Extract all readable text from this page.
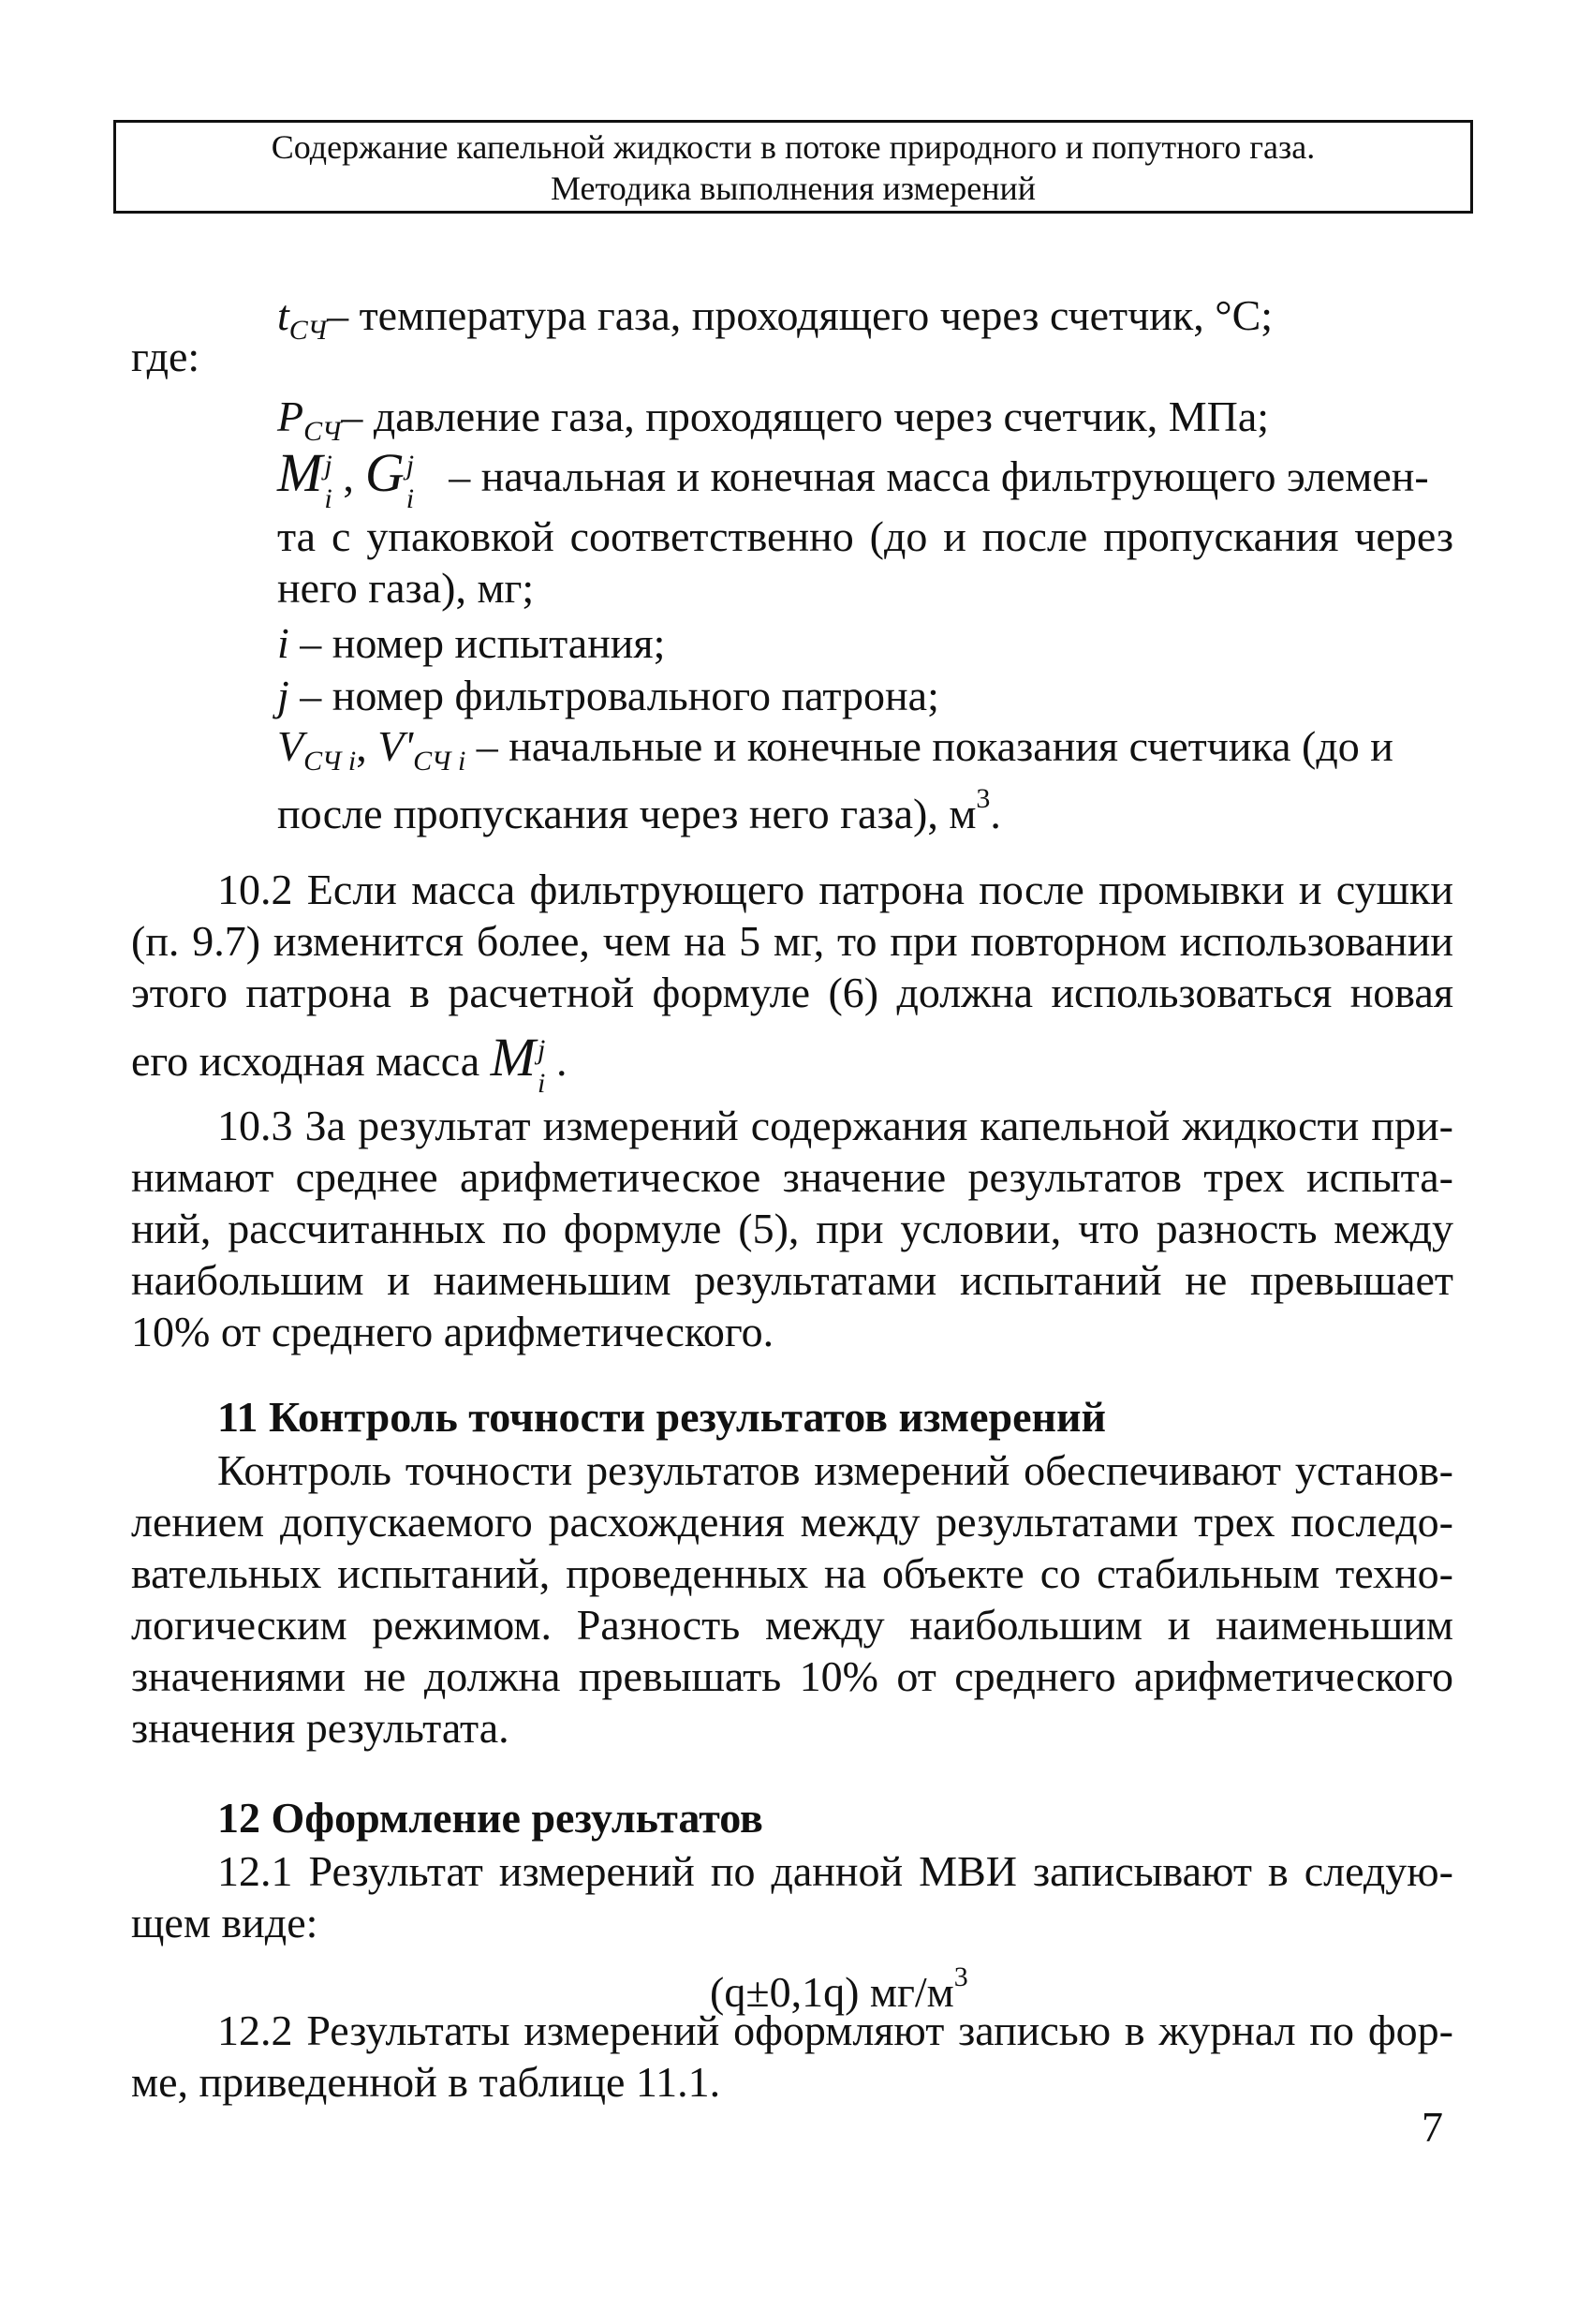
Содержание капельной жидкости в потоке природного и попутного газа.
Методика выполнения измерений
где:
$t_{СЧ}-$ температура газа, проходящего через счетчик, °С;
$P_{СЧ}-$ давление газа, проходящего через счетчик, МПа;
M j
i , G j
i – начальная и конечная масса фильтрующего элемен-
та с упаковкой соответственно (до и после пропускания через
него газа), мг;
i – номер испытания;
j – номер фильтровального патрона;
$V_{СЧ i}$, $V'_{СЧ i}$ – начальные и конечные показания счетчика (до и
после пропускания через него газа), $м^3$.
10.2 Если масса фильтрующего патрона после промывки и сушки
(п. 9.7) изменится более, чем на 5 мг, то при повторном использовании
этого патрона в расчетной формуле (6) должна использоваться новая
его исходная масса M j
i .
10.3 За результат измерений содержания капельной жидкости при-
нимают среднее арифметическое значение результатов трех испыта-
ний, рассчитанных по формуле (5), при условии, что разность между
наибольшим и наименьшим результатами испытаний не превышает
10% от среднего арифметического.
11 Контроль точности результатов измерений
Контроль точности результатов измерений обеспечивают установ-
лением допускаемого расхождения между результатами трех последо-
вательных испытаний, проведенных на объекте со стабильным техно-
логическим режимом. Разность между наибольшим и наименьшим
значениями не должна превышать 10% от среднего арифметического
значения результата.
12 Оформление результатов
12.1 Результат измерений по данной МВИ записывают в следую-
щем виде:
(q±0,1q) $мг/м^3$
12.2 Результаты измерений оформляют записью в журнал по фор-
ме, приведенной в таблице 11.1.
7
